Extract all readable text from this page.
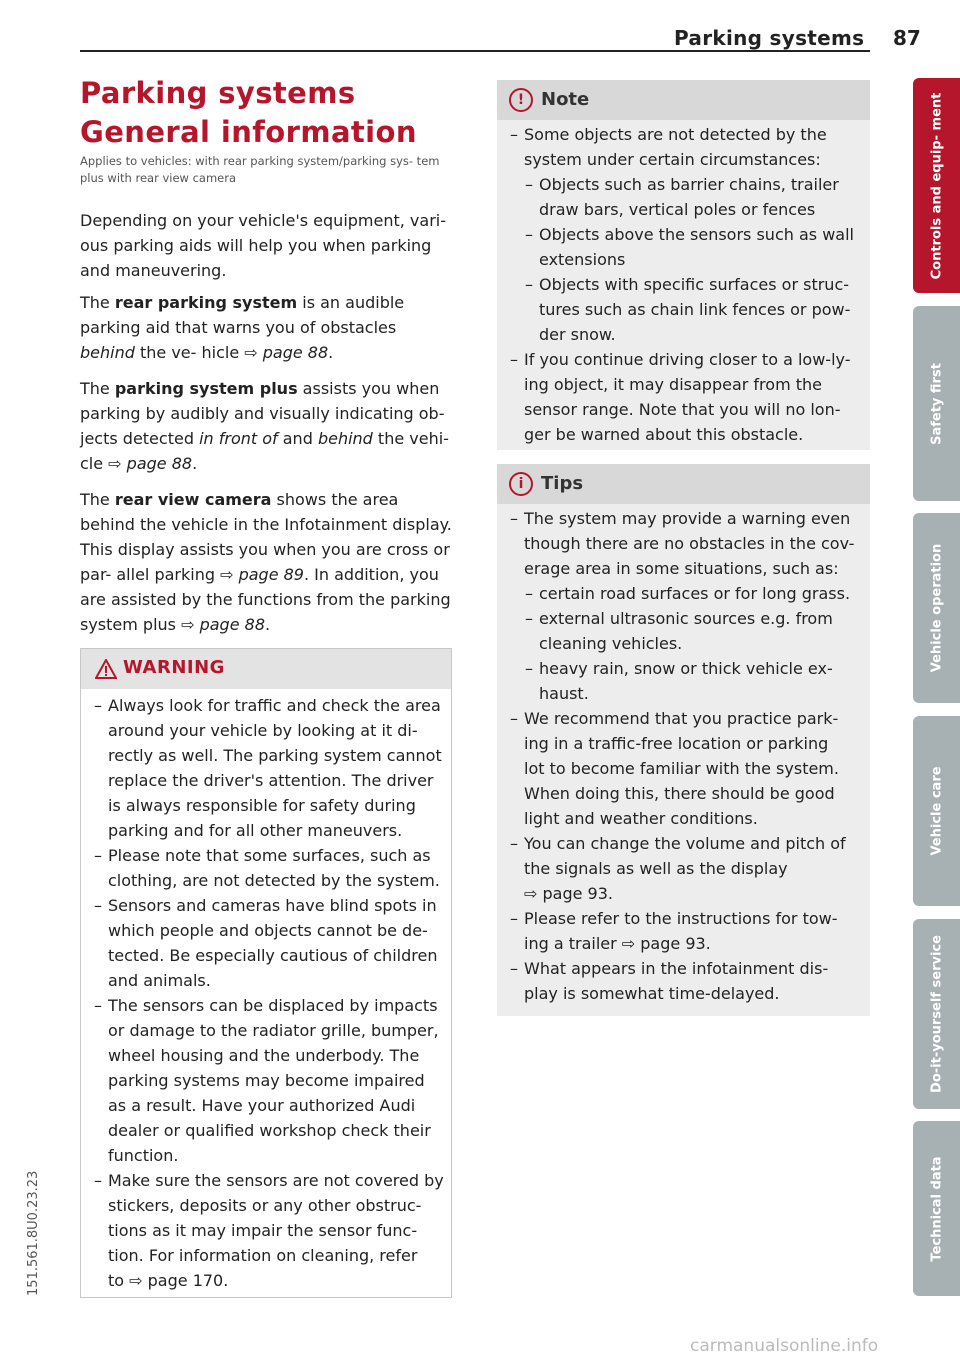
Parking systems 87
151.561.8U0.23.23
Parking systems
General information
Applies to vehicles: with rear parking system/parking sys- tem plus with rear view camera
Depending on your vehicle's equipment, vari- ous parking aids will help you when parking and maneuvering.
The rear parking system is an audible parking aid that warns you of obstacles behind the ve- hicle ⇨ page 88.
The parking system plus assists you when parking by audibly and visually indicating ob- jects detected in front of and behind the vehi- cle ⇨ page 88.
The rear view camera shows the area behind the vehicle in the Infotainment display. This display assists you when you are cross or par- allel parking ⇨ page 89. In addition, you are assisted by the functions from the parking system plus ⇨ page 88.
WARNING
– Always look for traffic and check the area
around your vehicle by looking at it di-
rectly as well. The parking system cannot
replace the driver's attention. The driver
is always responsible for safety during
parking and for all other maneuvers.
– Please note that some surfaces, such as
clothing, are not detected by the system.
– Sensors and cameras have blind spots in
which people and objects cannot be de-
tected. Be especially cautious of children
and animals.
– The sensors can be displaced by impacts
or damage to the radiator grille, bumper,
wheel housing and the underbody. The
parking systems may become impaired
as a result. Have your authorized Audi
dealer or qualified workshop check their
function.
– Make sure the sensors are not covered by
stickers, deposits or any other obstruc-
tions as it may impair the sensor func-
tion. For information on cleaning, refer
to ⇨ page 170.
! Note
– Some objects are not detected by the
system under certain circumstances:
– Objects such as barrier chains, trailer
draw bars, vertical poles or fences
– Objects above the sensors such as wall
extensions
– Objects with specific surfaces or struc-
tures such as chain link fences or pow-
der snow.
– If you continue driving closer to a low-ly-
ing object, it may disappear from the
sensor range. Note that you will no lon-
ger be warned about this obstacle.
i Tips
– The system may provide a warning even
though there are no obstacles in the cov-
erage area in some situations, such as:
– certain road surfaces or for long grass.
– external ultrasonic sources e.g. from
cleaning vehicles.
– heavy rain, snow or thick vehicle ex-
haust.
– We recommend that you practice park-
ing in a traffic-free location or parking
lot to become familiar with the system.
When doing this, there should be good
light and weather conditions.
– You can change the volume and pitch of
the signals as well as the display
⇨ page 93.
– Please refer to the instructions for tow-
ing a trailer ⇨ page 93.
– What appears in the infotainment dis-
play is somewhat time-delayed.
Controls and equip- ment
Safety first
Vehicle operation
Vehicle care
Do-it-yourself service
Technical data
carmanualsonline.info
